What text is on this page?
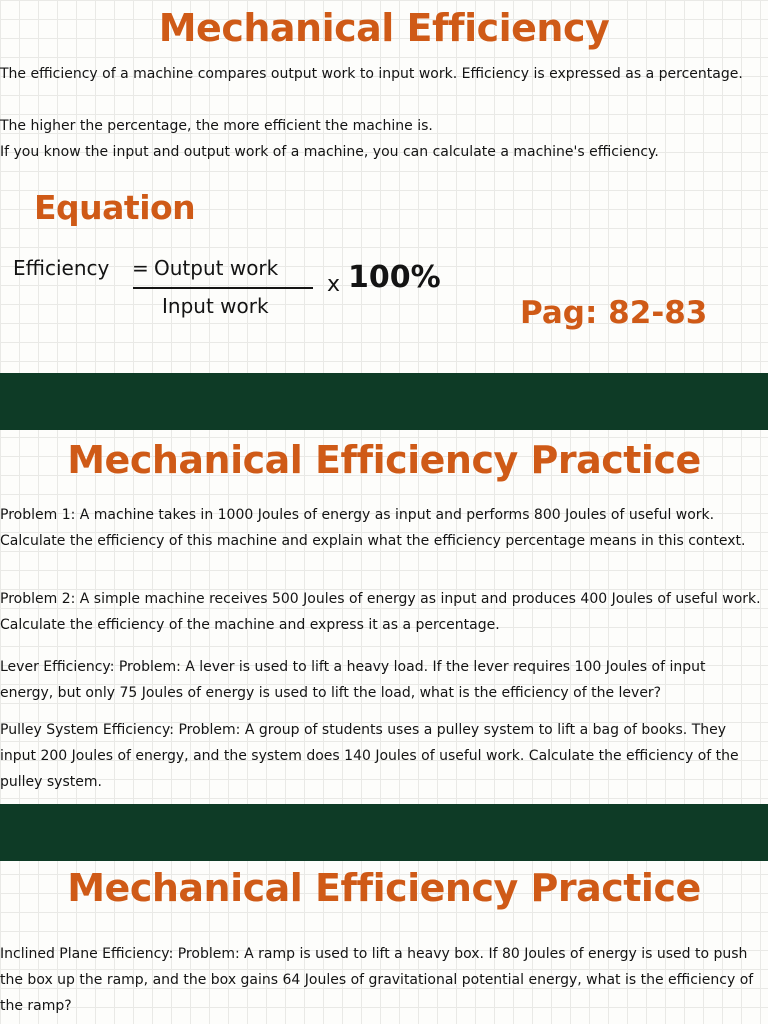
Mechanical Efficiency
The efficiency of a machine compares output work to input work. Efficiency is expressed as a percentage.
The higher the percentage, the more efficient the machine is.
If you know the input and output work of a machine, you can calculate a machine's efficiency.
Equation
Efficiency = Output work
Input work
x 100%
Pag: 82-83
Mechanical Efficiency Practice
Problem 1: A machine takes in 1000 Joules of energy as input and performs 800 Joules of useful work. Calculate the efficiency of this machine and explain what the efficiency percentage means in this context.
Problem 2: A simple machine receives 500 Joules of energy as input and produces 400 Joules of useful work. Calculate the efficiency of the machine and express it as a percentage.
Lever Efficiency: Problem: A lever is used to lift a heavy load. If the lever requires 100 Joules of input energy, but only 75 Joules of energy is used to lift the load, what is the efficiency of the lever?
Pulley System Efficiency: Problem: A group of students uses a pulley system to lift a bag of books. They input 200 Joules of energy, and the system does 140 Joules of useful work. Calculate the efficiency of the pulley system.
Mechanical Efficiency Practice
Inclined Plane Efficiency: Problem: A ramp is used to lift a heavy box. If 80 Joules of energy is used to push the box up the ramp, and the box gains 64 Joules of gravitational potential energy, what is the efficiency of the ramp?
